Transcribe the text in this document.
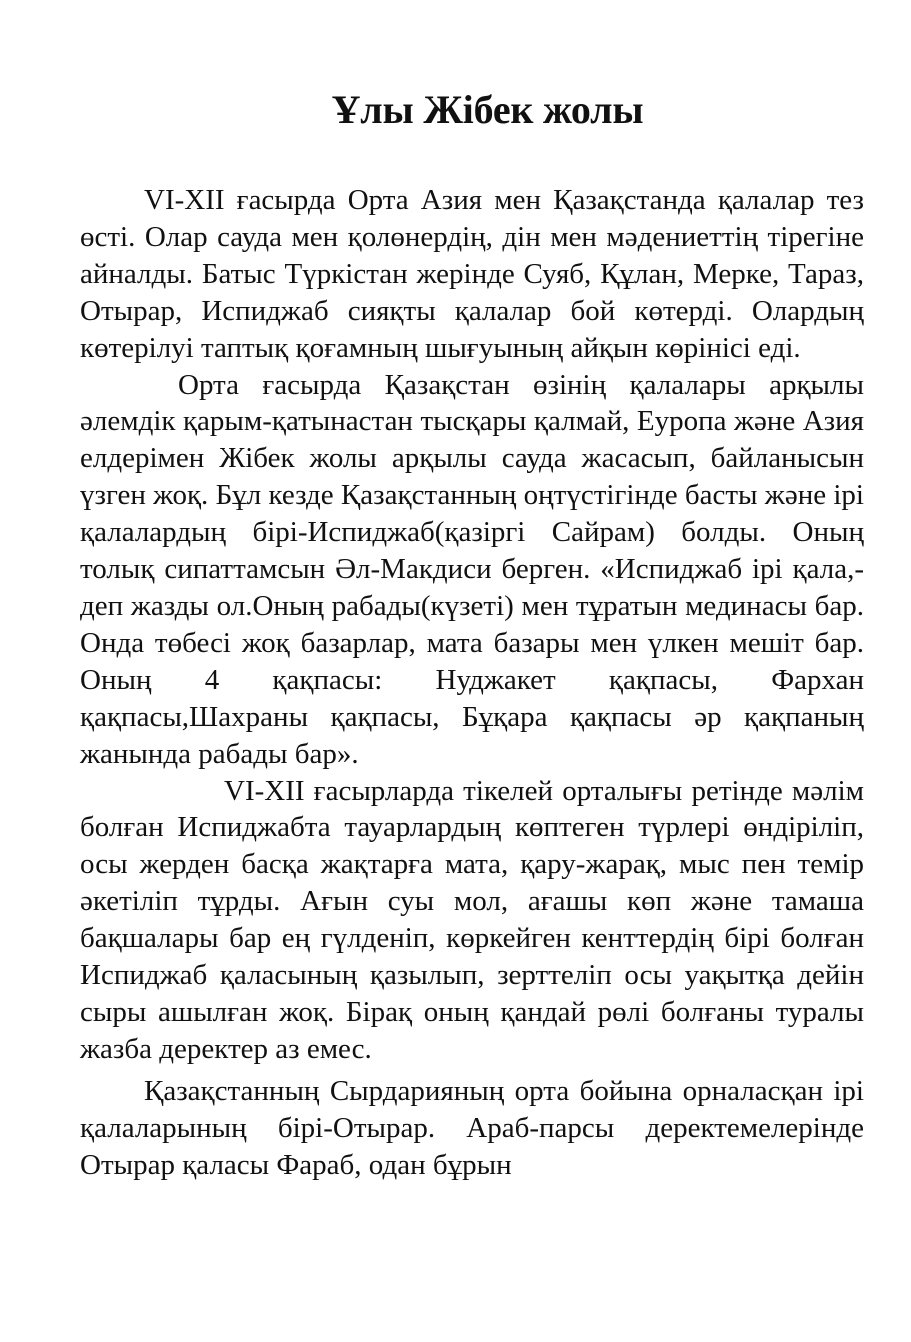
Ұлы Жібек жолы

VI-XII ғасырда Орта Азия мен Қазақстанда қалалар тез өсті. Олар сауда мен қолөнердің, дін мен мәдениеттің тірегіне айналды. Батыс Түркістан жерінде Суяб, Құлан, Мерке, Тараз, Отырар, Испиджаб сияқты қалалар бой көтерді. Олардың көтерілуі таптық қоғамның шығуының айқын көрінісі еді.

Орта ғасырда Қазақстан өзінің қалалары арқылы әлемдік қарым-қатынастан тысқары қалмай, Еуропа және Азия елдерімен Жібек жолы арқылы сауда жасасып, байланысын үзген жоқ. Бұл кезде Қазақстанның оңтүстігінде басты және ірі қалалардың бірі-Испиджаб(қазіргі Сайрам) болды. Оның толық сипаттамсын Әл-Макдиси берген. «Испиджаб ірі қала,-деп жазды ол.Оның рабады(күзеті) мен тұратын мединасы бар. Онда төбесі жоқ базарлар, мата базары мен үлкен мешіт бар. Оның 4 қақпасы: Нуджакет қақпасы, Фархан қақпасы,Шахраны қақпасы, Бұқара қақпасы әр қақпаның жанында рабады бар».

VI-XII ғасырларда тікелей орталығы ретінде мәлім болған Испиджабта тауарлардың көптеген түрлері өндіріліп, осы жерден басқа жақтарға мата, қару-жарақ, мыс пен темір әкетіліп тұрды. Ағын суы мол, ағашы көп және тамаша бақшалары бар ең гүлденіп, көркейген кенттердің бірі болған Испиджаб қаласының қазылып, зерттеліп осы уақытқа дейін сыры ашылған жоқ. Бірақ оның қандай рөлі болғаны туралы жазба деректер аз емес.

Қазақстанның Сырдарияның орта бойына орналасқан ірі қалаларының бірі-Отырар. Араб-парсы деректемелерінде Отырар қаласы Фараб, одан бұрын
